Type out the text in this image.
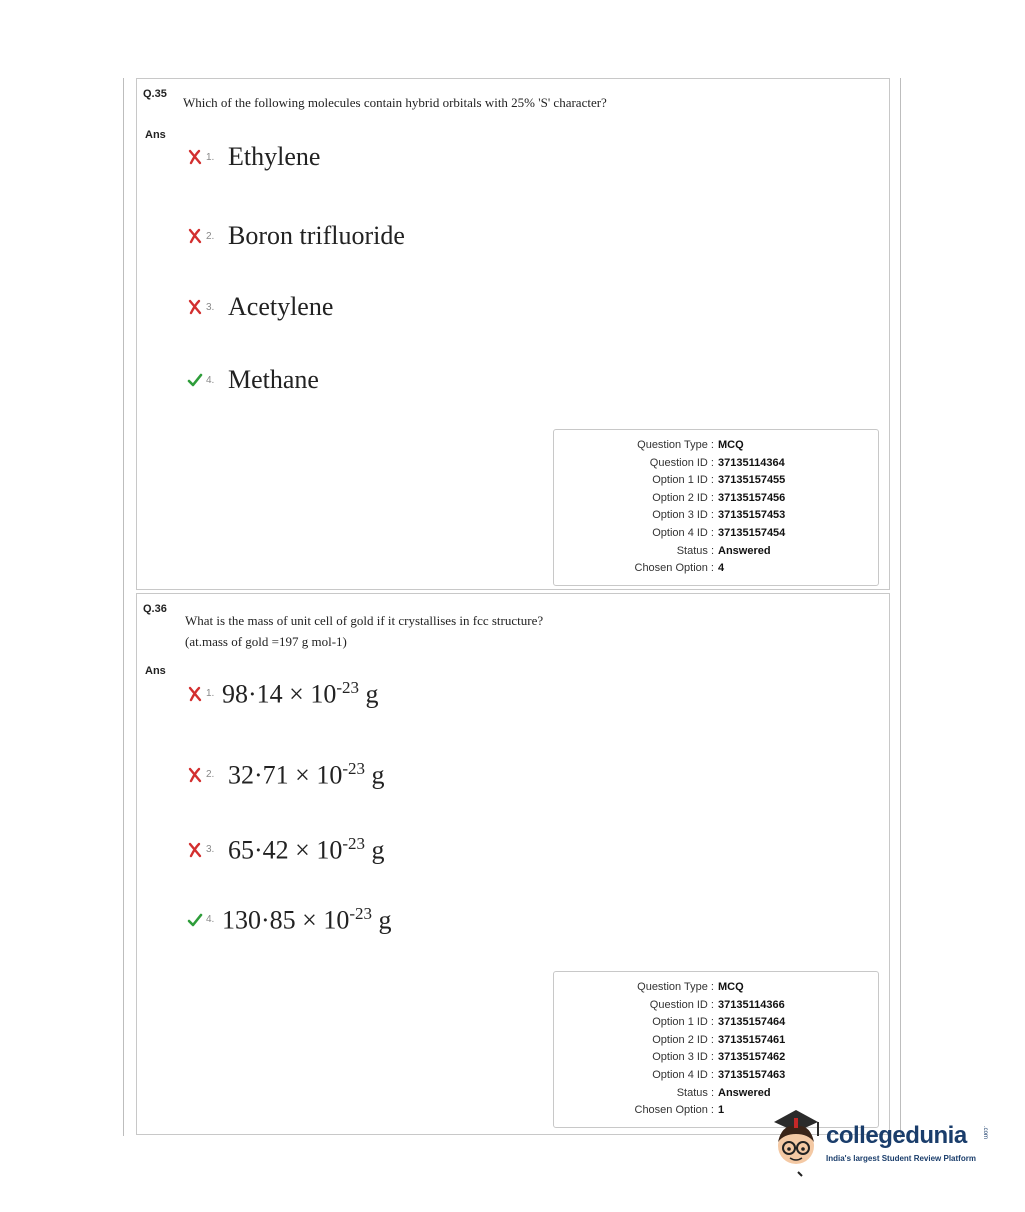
Q.35
Which of the following molecules contain hybrid orbitals with 25% 'S' character?
Ans
1. Ethylene
2. Boron trifluoride
3. Acetylene
4. Methane
Question Type : MCQ
Question ID : 37135114364
Option 1 ID : 37135157455
Option 2 ID : 37135157456
Option 3 ID : 37135157453
Option 4 ID : 37135157454
Status : Answered
Chosen Option : 4
Q.36
What is the mass of unit cell of gold if it crystallises in fcc structure?
(at.mass of gold =197 g mol-1)
Ans
1. $98\cdot 14 \times 10^{-23}$ g
2. $32\cdot 71 \times 10^{-23}$ g
3. $65\cdot 42 \times 10^{-23}$ g
4. $130\cdot 85 \times 10^{-23}$ g
Question Type : MCQ
Question ID : 37135114366
Option 1 ID : 37135157464
Option 2 ID : 37135157461
Option 3 ID : 37135157462
Option 4 ID : 37135157463
Status : Answered
Chosen Option : 1
collegedunia	.com
India's largest Student Review Platform
